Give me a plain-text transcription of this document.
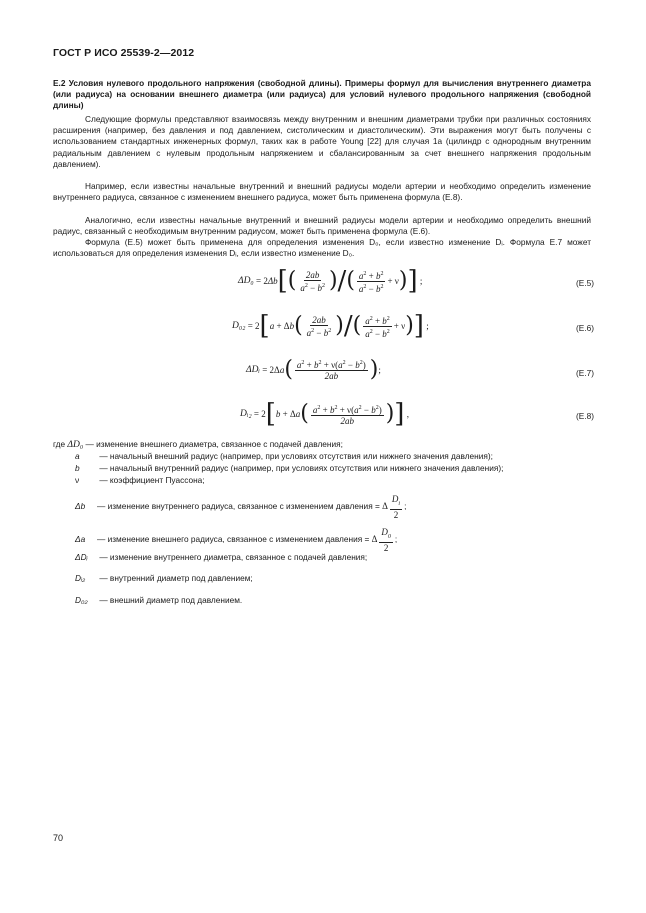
ГОСТ Р ИСО 25539-2—2012
Е.2 Условия нулевого продольного напряжения (свободной длины). Примеры формул для вычисления внутреннего диаметра (или радиуса) на основании внешнего диаметра (или радиуса) для условий нулевого продольного напряжения (свободной длины)
Следующие формулы представляют взаимосвязь между внутренним и внешним диаметрами трубки при различных состояниях расширения (например, без давления и под давлением, систолическим и диастолическим). Эти выражения могут быть получены с использованием стандартных инженерных формул, таких как в работе Young [22] для случая 1а (цилиндр с однородным внутренним радиальным давлением с нулевым продольным напряжением и сбалансированным за счет внешнего напряжения продольным давлением).
Например, если известны начальные внутренний и внешний радиусы модели артерии и необходимо определить изменение внутреннего радиуса, связанное с изменением внешнего радиуса, может быть применена формула (Е.8).
Аналогично, если известны начальные внутренний и внешний радиусы модели артерии и необходимо определить внешний радиус, связанный с необходимым внутренним радиусом, может быть применена формула (Е.6).
Формула (Е.5) может быть применена для определения изменения D₀, если известно изменение Dᵢ. Формула Е.7 может использоваться для определения изменения Dᵢ, если известно изменение D₀.
ΔD₀ = 2Δb [ ( $\frac{2ab}{a^2 - b^2}$ ) / ( $\frac{a^2 + b^2}{a^2 - b^2} + \nu$ ) ] ;	(Е.5)
D₀₂ = 2 [ a + Δb ( $\frac{2ab}{a^2 - b^2}$ ) / ( $\frac{a^2 + b^2}{a^2 - b^2} + \nu$ ) ] ;	(Е.6)
ΔDᵢ = 2Δa ( $\frac{a^2 + b^2 + \nu(a^2 - b^2)}{2ab}$ ) ;	(Е.7)
Dᵢ₂ = 2 [ b + Δa ( $\frac{a^2 + b^2 + \nu(a^2 - b^2)}{2ab}$ ) ] ,	(Е.8)
где ΔD₀ — изменение внешнего диаметра, связанное с подачей давления;
a — начальный внешний радиус (например, при условиях отсутствия или нижнего значения давления);
b — начальный внутренний радиус (например, при условиях отсутствия или нижнего значения давления);
ν — коэффициент Пуассона;
Δb	— изменение внутреннего радиуса, связанное с изменением давления = Δ $\frac{D_i}{2}$ ;
Δa	— изменение внешнего радиуса, связанное с изменением давления = Δ $\frac{D_0}{2}$ ;
ΔDᵢ — изменение внутреннего диаметра, связанное с подачей давления;
Dᵢ₂ — внутренний диаметр под давлением;
D₀₂ — внешний диаметр под давлением.
70
